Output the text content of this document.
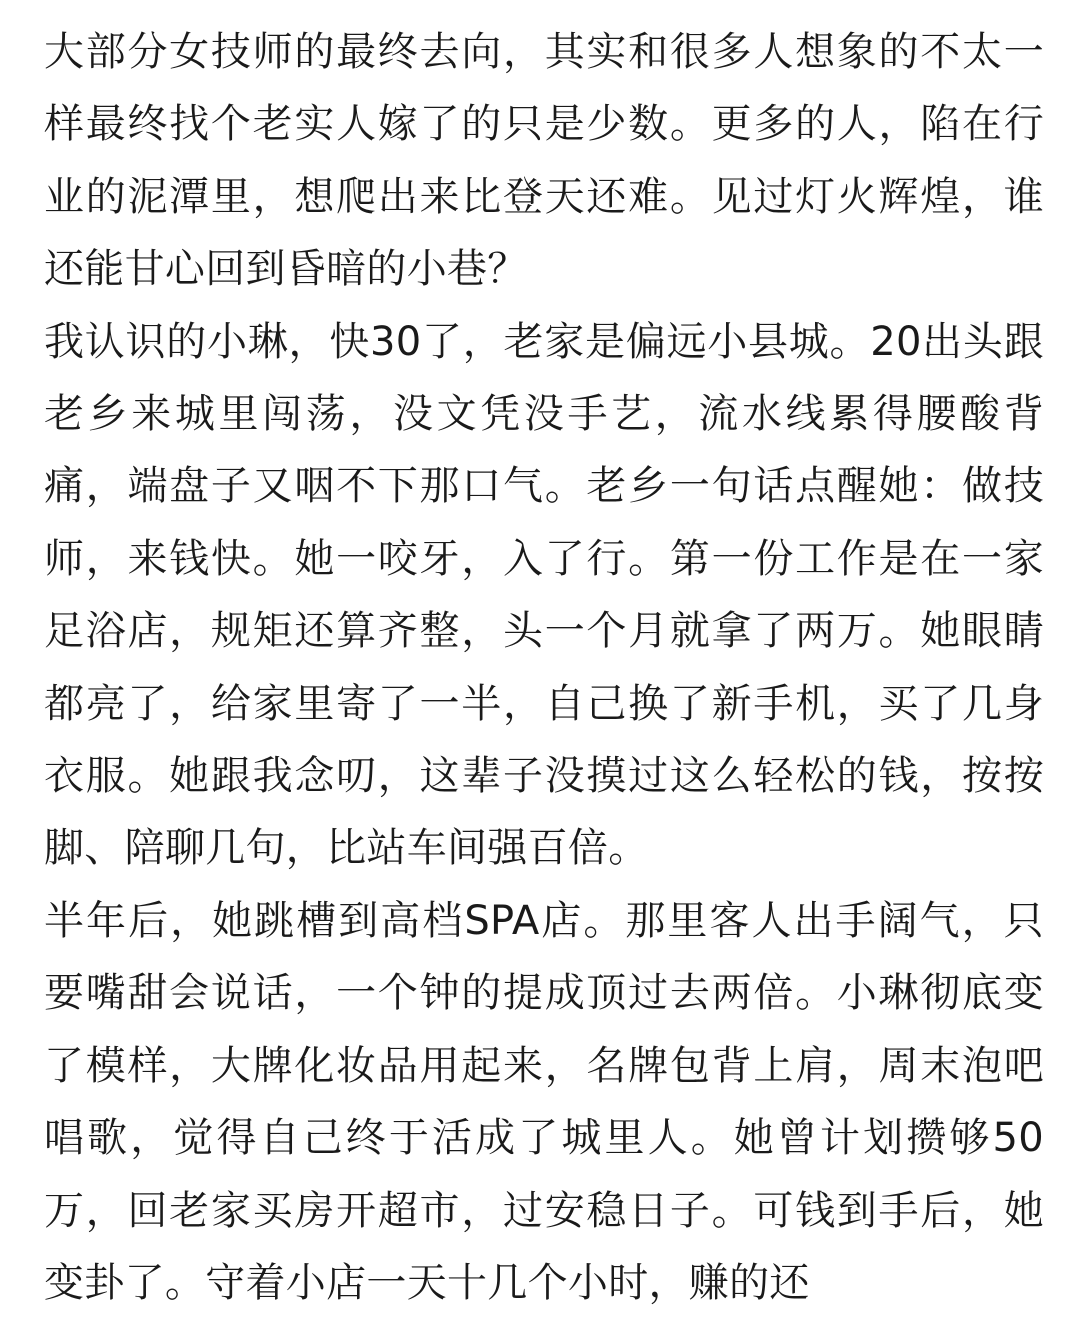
大部分女技师的最终去向，其实和很多人想象的不太一样最终找个老实人嫁了的只是少数。更多的人，陷在行业的泥潭里，想爬出来比登天还难。见过灯火辉煌，谁还能甘心回到昏暗的小巷？

我认识的小琳，快30了，老家是偏远小县城。20出头跟老乡来城里闯荡，没文凭没手艺，流水线累得腰酸背痛，端盘子又咽不下那口气。老乡一句话点醒她：做技师，来钱快。她一咬牙，入了行。第一份工作是在一家足浴店，规矩还算齐整，头一个月就拿了两万。她眼睛都亮了，给家里寄了一半，自己换了新手机，买了几身衣服。她跟我念叨，这辈子没摸过这么轻松的钱，按按脚、陪聊几句，比站车间强百倍。

半年后，她跳槽到高档SPA店。那里客人出手阔气，只要嘴甜会说话，一个钟的提成顶过去两倍。小琳彻底变了模样，大牌化妆品用起来，名牌包背上肩，周末泡吧唱歌，觉得自己终于活成了城里人。她曾计划攒够50万，回老家买房开超市，过安稳日子。可钱到手后，她变卦了。守着小店一天十几个小时，赚的还
